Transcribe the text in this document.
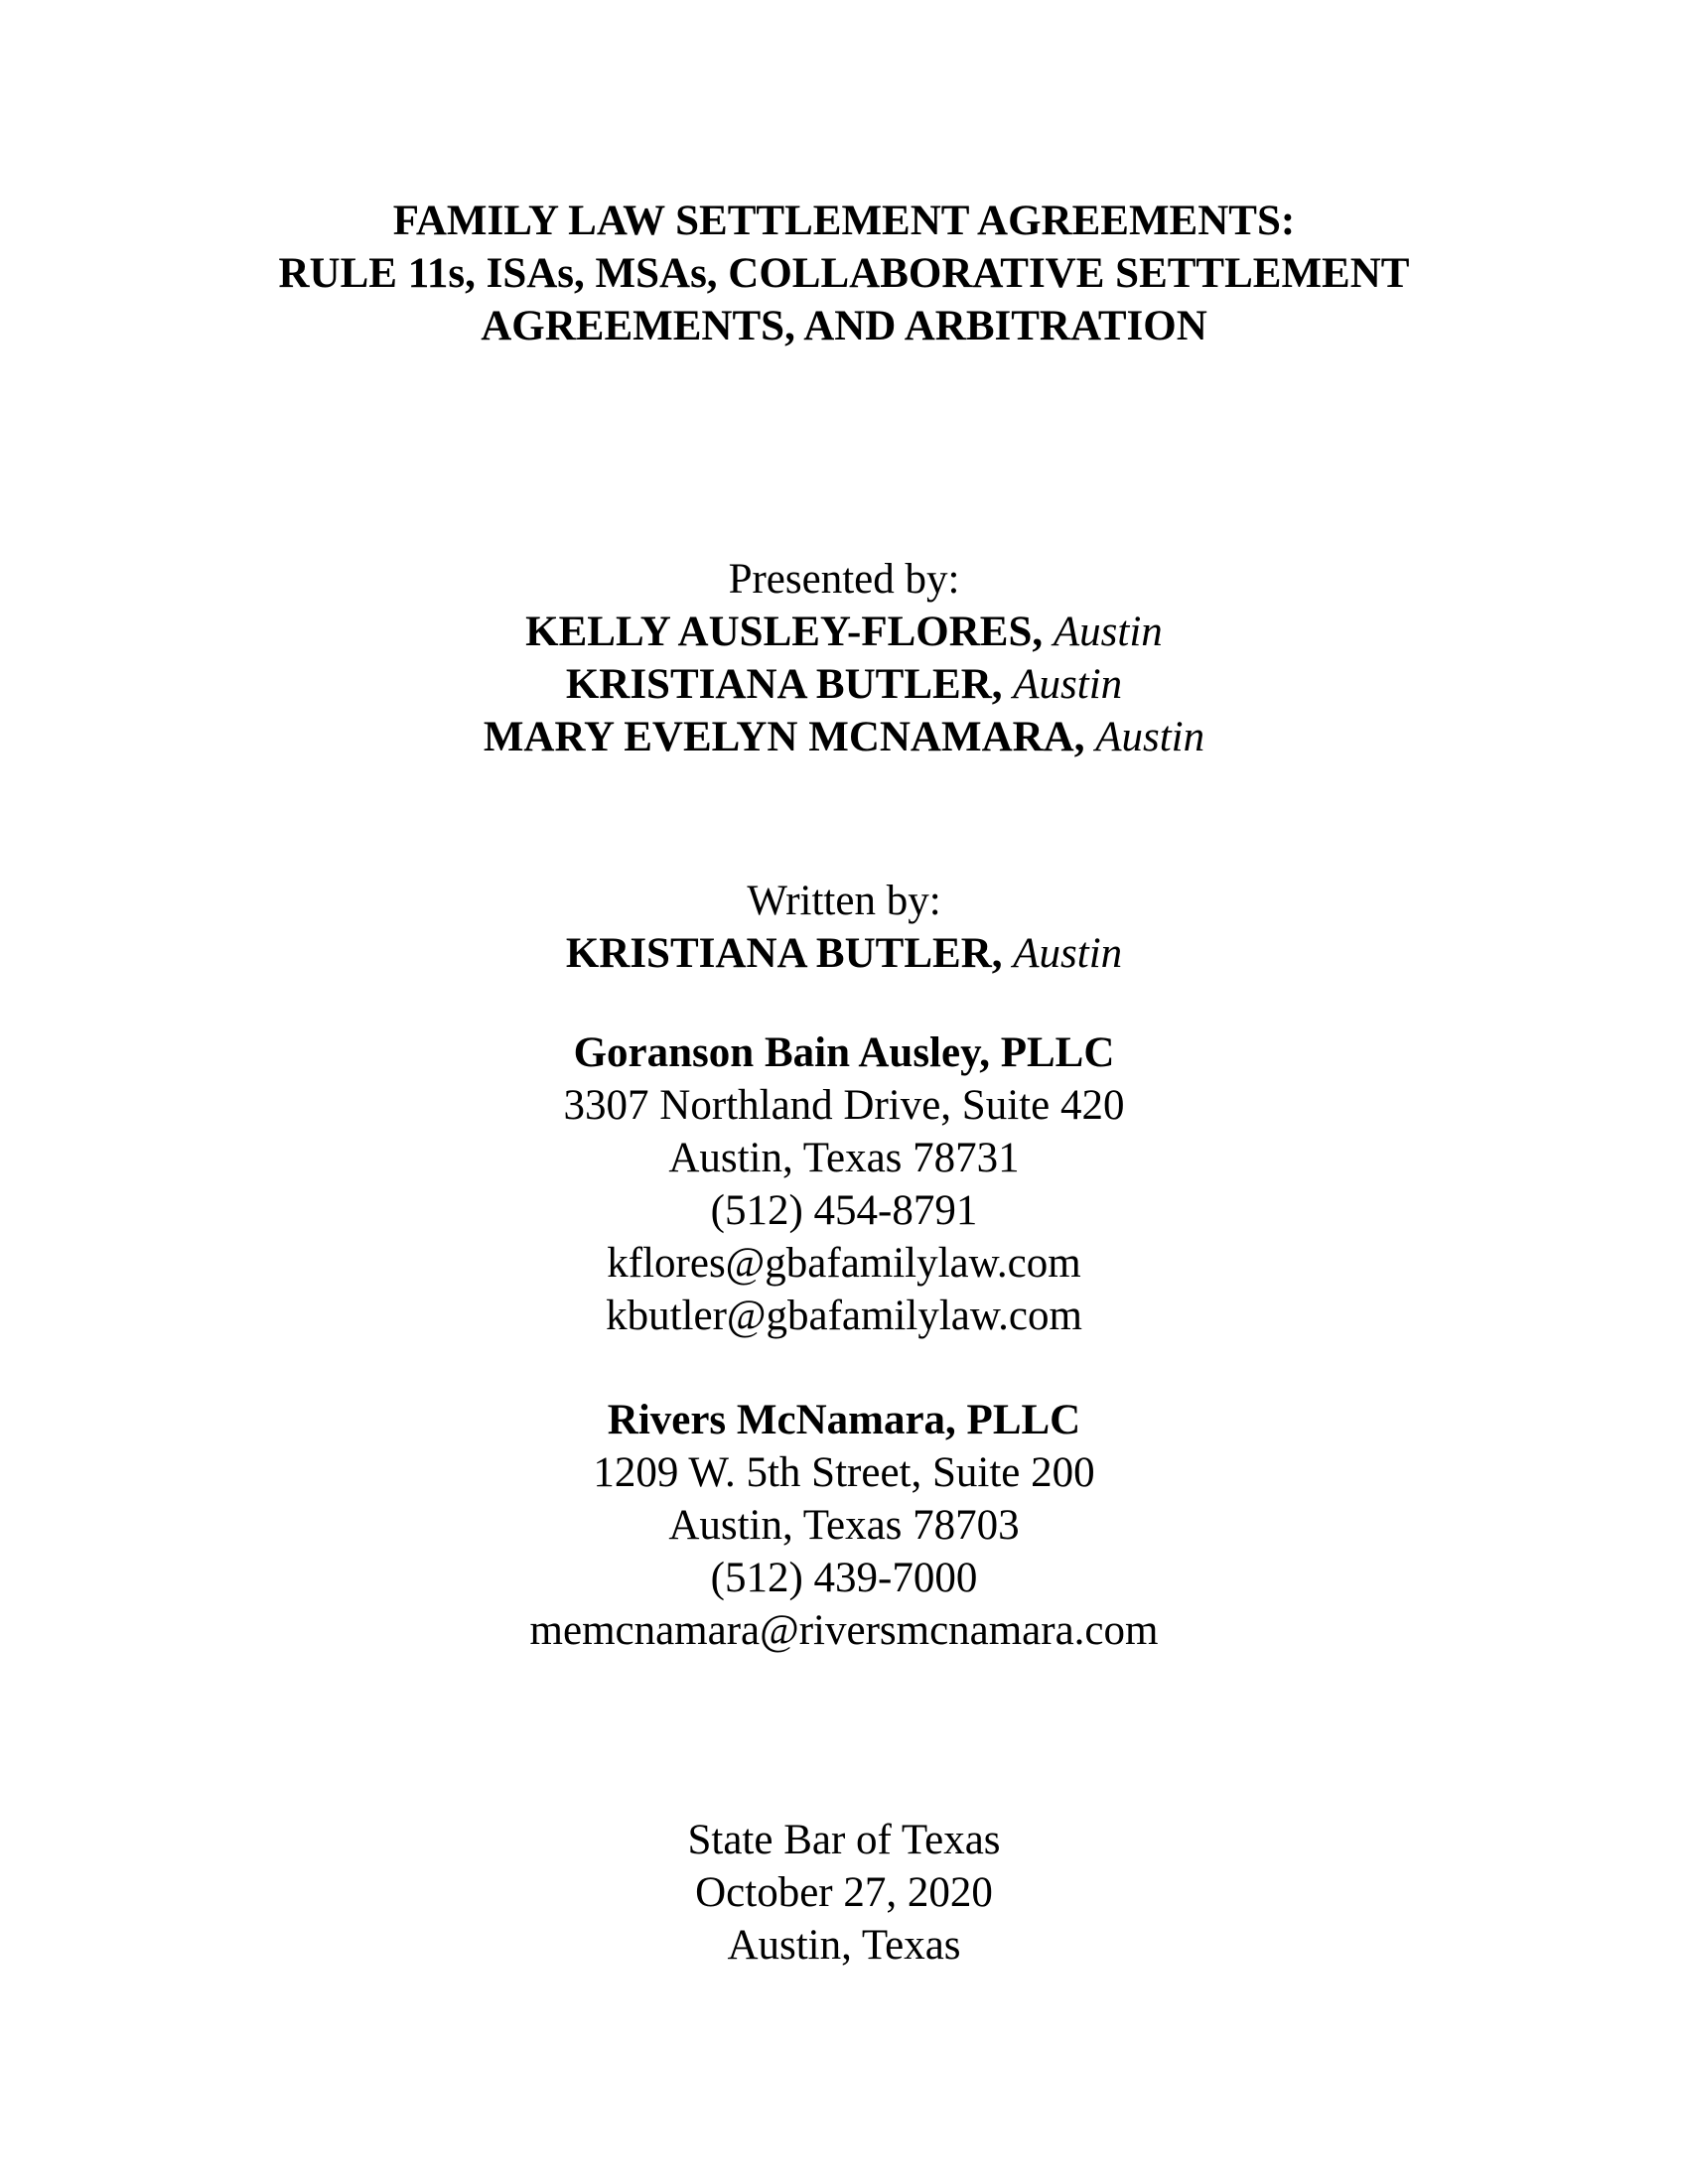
FAMILY LAW SETTLEMENT AGREEMENTS:
RULE 11s, ISAs, MSAs, COLLABORATIVE SETTLEMENT
AGREEMENTS, AND ARBITRATION
Presented by:
KELLY AUSLEY-FLORES, Austin
KRISTIANA BUTLER, Austin
MARY EVELYN MCNAMARA, Austin
Written by:
KRISTIANA BUTLER, Austin
Goranson Bain Ausley, PLLC
3307 Northland Drive, Suite 420
Austin, Texas 78731
(512) 454-8791
kflores@gbafamilylaw.com
kbutler@gbafamilylaw.com
Rivers McNamara, PLLC
1209 W. 5th Street, Suite 200
Austin, Texas 78703
(512) 439-7000
memcnamara@riversmcnamara.com
State Bar of Texas
October 27, 2020
Austin, Texas
